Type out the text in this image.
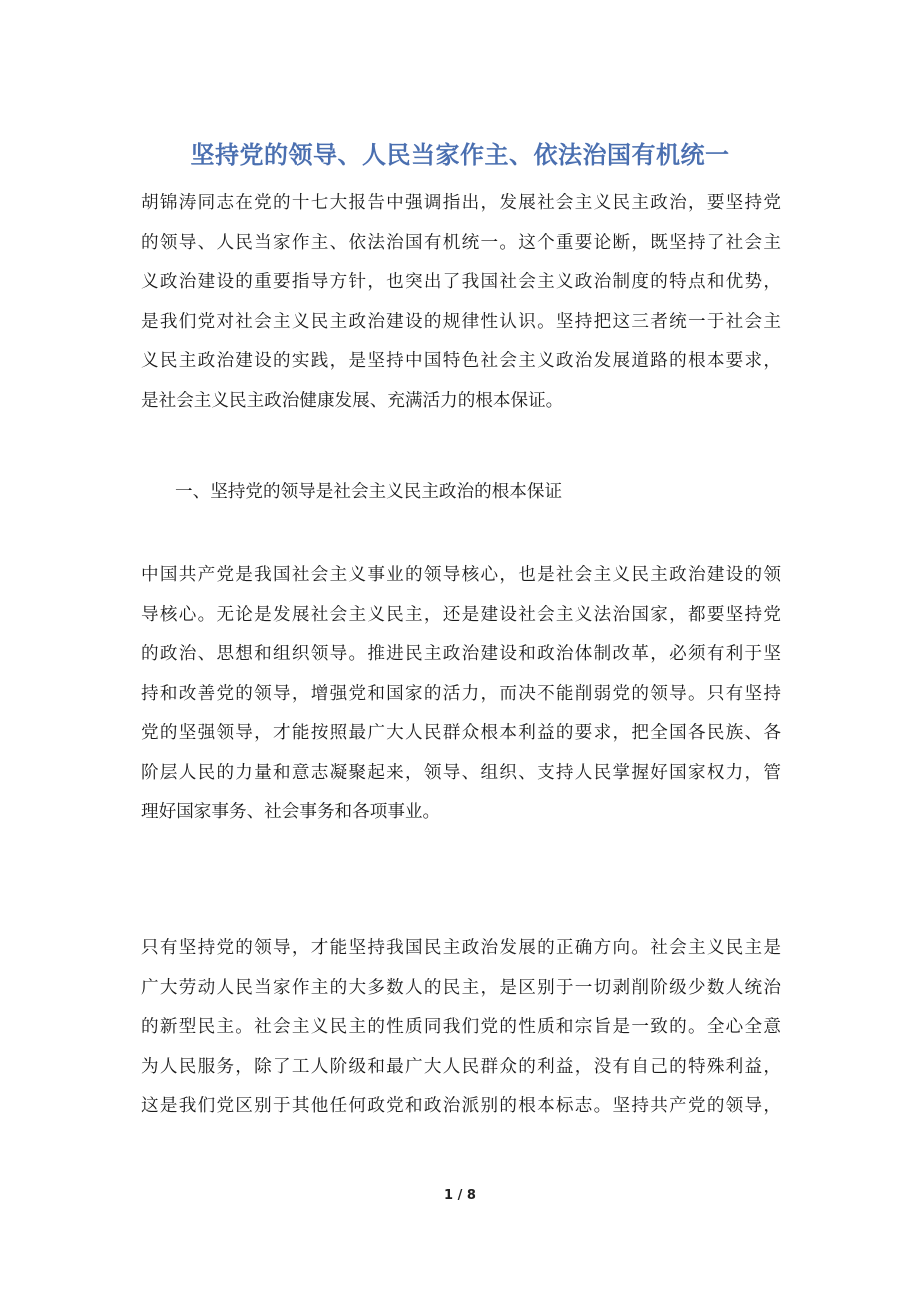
坚持党的领导、人民当家作主、依法治国有机统一
胡锦涛同志在党的十七大报告中强调指出，发展社会主义民主政治，要坚持党
的领导、人民当家作主、依法治国有机统一。这个重要论断，既坚持了社会主
义政治建设的重要指导方针，也突出了我国社会主义政治制度的特点和优势，
是我们党对社会主义民主政治建设的规律性认识。坚持把这三者统一于社会主
义民主政治建设的实践，是坚持中国特色社会主义政治发展道路的根本要求，
是社会主义民主政治健康发展、充满活力的根本保证。
一、坚持党的领导是社会主义民主政治的根本保证
中国共产党是我国社会主义事业的领导核心，也是社会主义民主政治建设的领
导核心。无论是发展社会主义民主，还是建设社会主义法治国家，都要坚持党
的政治、思想和组织领导。推进民主政治建设和政治体制改革，必须有利于坚
持和改善党的领导，增强党和国家的活力，而决不能削弱党的领导。只有坚持
党的坚强领导，才能按照最广大人民群众根本利益的要求，把全国各民族、各
阶层人民的力量和意志凝聚起来，领导、组织、支持人民掌握好国家权力，管
理好国家事务、社会事务和各项事业。
只有坚持党的领导，才能坚持我国民主政治发展的正确方向。社会主义民主是
广大劳动人民当家作主的大多数人的民主，是区别于一切剥削阶级少数人统治
的新型民主。社会主义民主的性质同我们党的性质和宗旨是一致的。全心全意
为人民服务，除了工人阶级和最广大人民群众的利益，没有自己的特殊利益，
这是我们党区别于其他任何政党和政治派别的根本标志。坚持共产党的领导，
1 / 8
